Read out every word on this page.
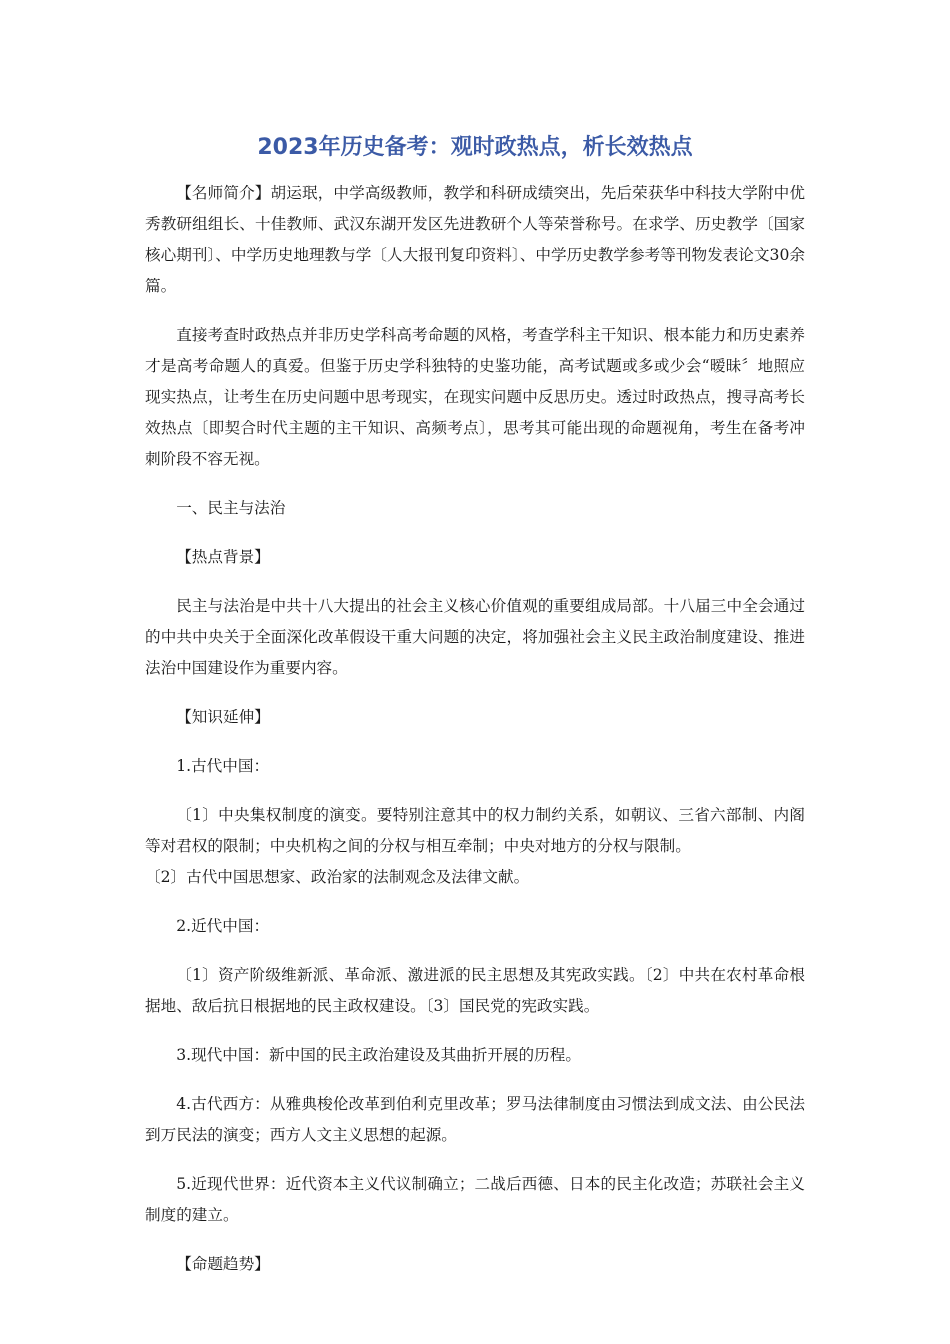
2023年历史备考：观时政热点，析长效热点

【名师简介】胡运珉，中学高级教师，教学和科研成绩突出，先后荣获华中科技大学附中优秀教研组组长、十佳教师、武汉东湖开发区先进教研个人等荣誉称号。在求学、历史教学〔国家核心期刊〕、中学历史地理教与学〔人大报刊复印资料〕、中学历史教学参考等刊物发表论文30余篇。

直接考查时政热点并非历史学科高考命题的风格，考查学科主干知识、根本能力和历史素养才是高考命题人的真爱。但鉴于历史学科独特的史鉴功能，高考试题或多或少会“暧昧〞地照应现实热点，让考生在历史问题中思考现实，在现实问题中反思历史。透过时政热点，搜寻高考长效热点〔即契合时代主题的主干知识、高频考点〕，思考其可能出现的命题视角，考生在备考冲刺阶段不容无视。

一、民主与法治

【热点背景】

民主与法治是中共十八大提出的社会主义核心价值观的重要组成局部。十八届三中全会通过的中共中央关于全面深化改革假设干重大问题的决定，将加强社会主义民主政治制度建设、推进法治中国建设作为重要内容。

【知识延伸】

1.古代中国：

〔1〕中央集权制度的演变。要特别注意其中的权力制约关系，如朝议、三省六部制、内阁等对君权的限制；中央机构之间的分权与相互牵制；中央对地方的分权与限制。

〔2〕古代中国思想家、政治家的法制观念及法律文献。

2.近代中国：

〔1〕资产阶级维新派、革命派、激进派的民主思想及其宪政实践。〔2〕中共在农村革命根据地、敌后抗日根据地的民主政权建设。〔3〕国民党的宪政实践。

3.现代中国：新中国的民主政治建设及其曲折开展的历程。

4.古代西方：从雅典梭伦改革到伯利克里改革；罗马法律制度由习惯法到成文法、由公民法到万民法的演变；西方人文主义思想的起源。

5.近现代世界：近代资本主义代议制确立；二战后西德、日本的民主化改造；苏联社会主义制度的建立。

【命题趋势】
